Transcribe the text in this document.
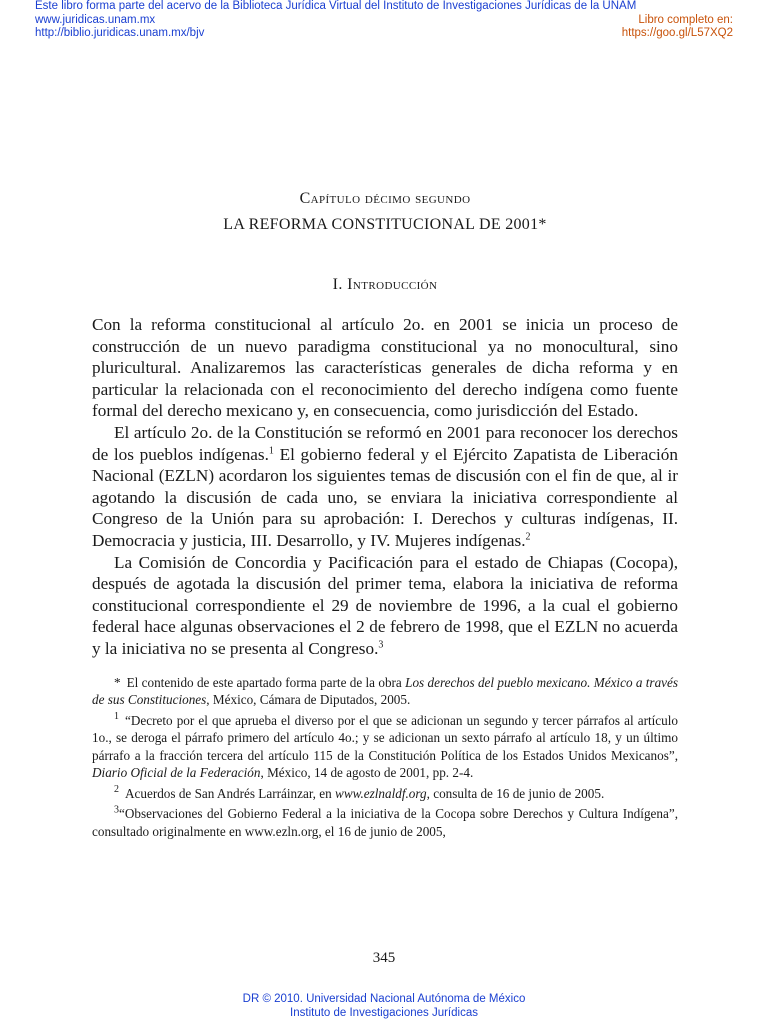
Este libro forma parte del acervo de la Biblioteca Jurídica Virtual del Instituto de Investigaciones Jurídicas de la UNAM
www.juridicas.unam.mx	Libro completo en:
http://biblio.juridicas.unam.mx/bjv	https://goo.gl/L57XQ2

Capítulo décimo segundo

LA REFORMA CONSTITUCIONAL DE 2001*

I. Introducción

Con la reforma constitucional al artículo 2o. en 2001 se inicia un proceso de construcción de un nuevo paradigma constitucional ya no monocultural, sino pluricultural. Analizaremos las características generales de dicha reforma y en particular la relacionada con el reconocimiento del derecho indígena como fuente formal del derecho mexicano y, en consecuencia, como jurisdicción del Estado.

El artículo 2o. de la Constitución se reformó en 2001 para reconocer los derechos de los pueblos indígenas.$^1$ El gobierno federal y el Ejército Zapatista de Liberación Nacional (EZLN) acordaron los siguientes temas de discusión con el fin de que, al ir agotando la discusión de cada uno, se enviara la iniciativa correspondiente al Congreso de la Unión para su aprobación: I. Derechos y culturas indígenas, II. Democracia y justicia, III. Desarrollo, y IV. Mujeres indígenas.$^2$

La Comisión de Concordia y Pacificación para el estado de Chiapas (Cocopa), después de agotada la discusión del primer tema, elabora la iniciativa de reforma constitucional correspondiente el 29 de noviembre de 1996, a la cual el gobierno federal hace algunas observaciones el 2 de febrero de 1998, que el EZLN no acuerda y la iniciativa no se presenta al Congreso.$^3$

* El contenido de este apartado forma parte de la obra Los derechos del pueblo mexicano. México a través de sus Constituciones, México, Cámara de Diputados, 2005.

$^1$ “Decreto por el que aprueba el diverso por el que se adicionan un segundo y tercer párrafos al artículo 1o., se deroga el párrafo primero del artículo 4o.; y se adicionan un sexto párrafo al artículo 18, y un último párrafo a la fracción tercera del artículo 115 de la Constitución Política de los Estados Unidos Mexicanos”, Diario Oficial de la Federación, México, 14 de agosto de 2001, pp. 2-4.

$^2$ Acuerdos de San Andrés Larráinzar, en www.ezlnaldf.org, consulta de 16 de junio de 2005.

$^3$“Observaciones del Gobierno Federal a la iniciativa de la Cocopa sobre Derechos y Cultura Indígena”, consultado originalmente en www.ezln.org, el 16 de junio de 2005,

345
DR © 2010. Universidad Nacional Autónoma de México
Instituto de Investigaciones Jurídicas
